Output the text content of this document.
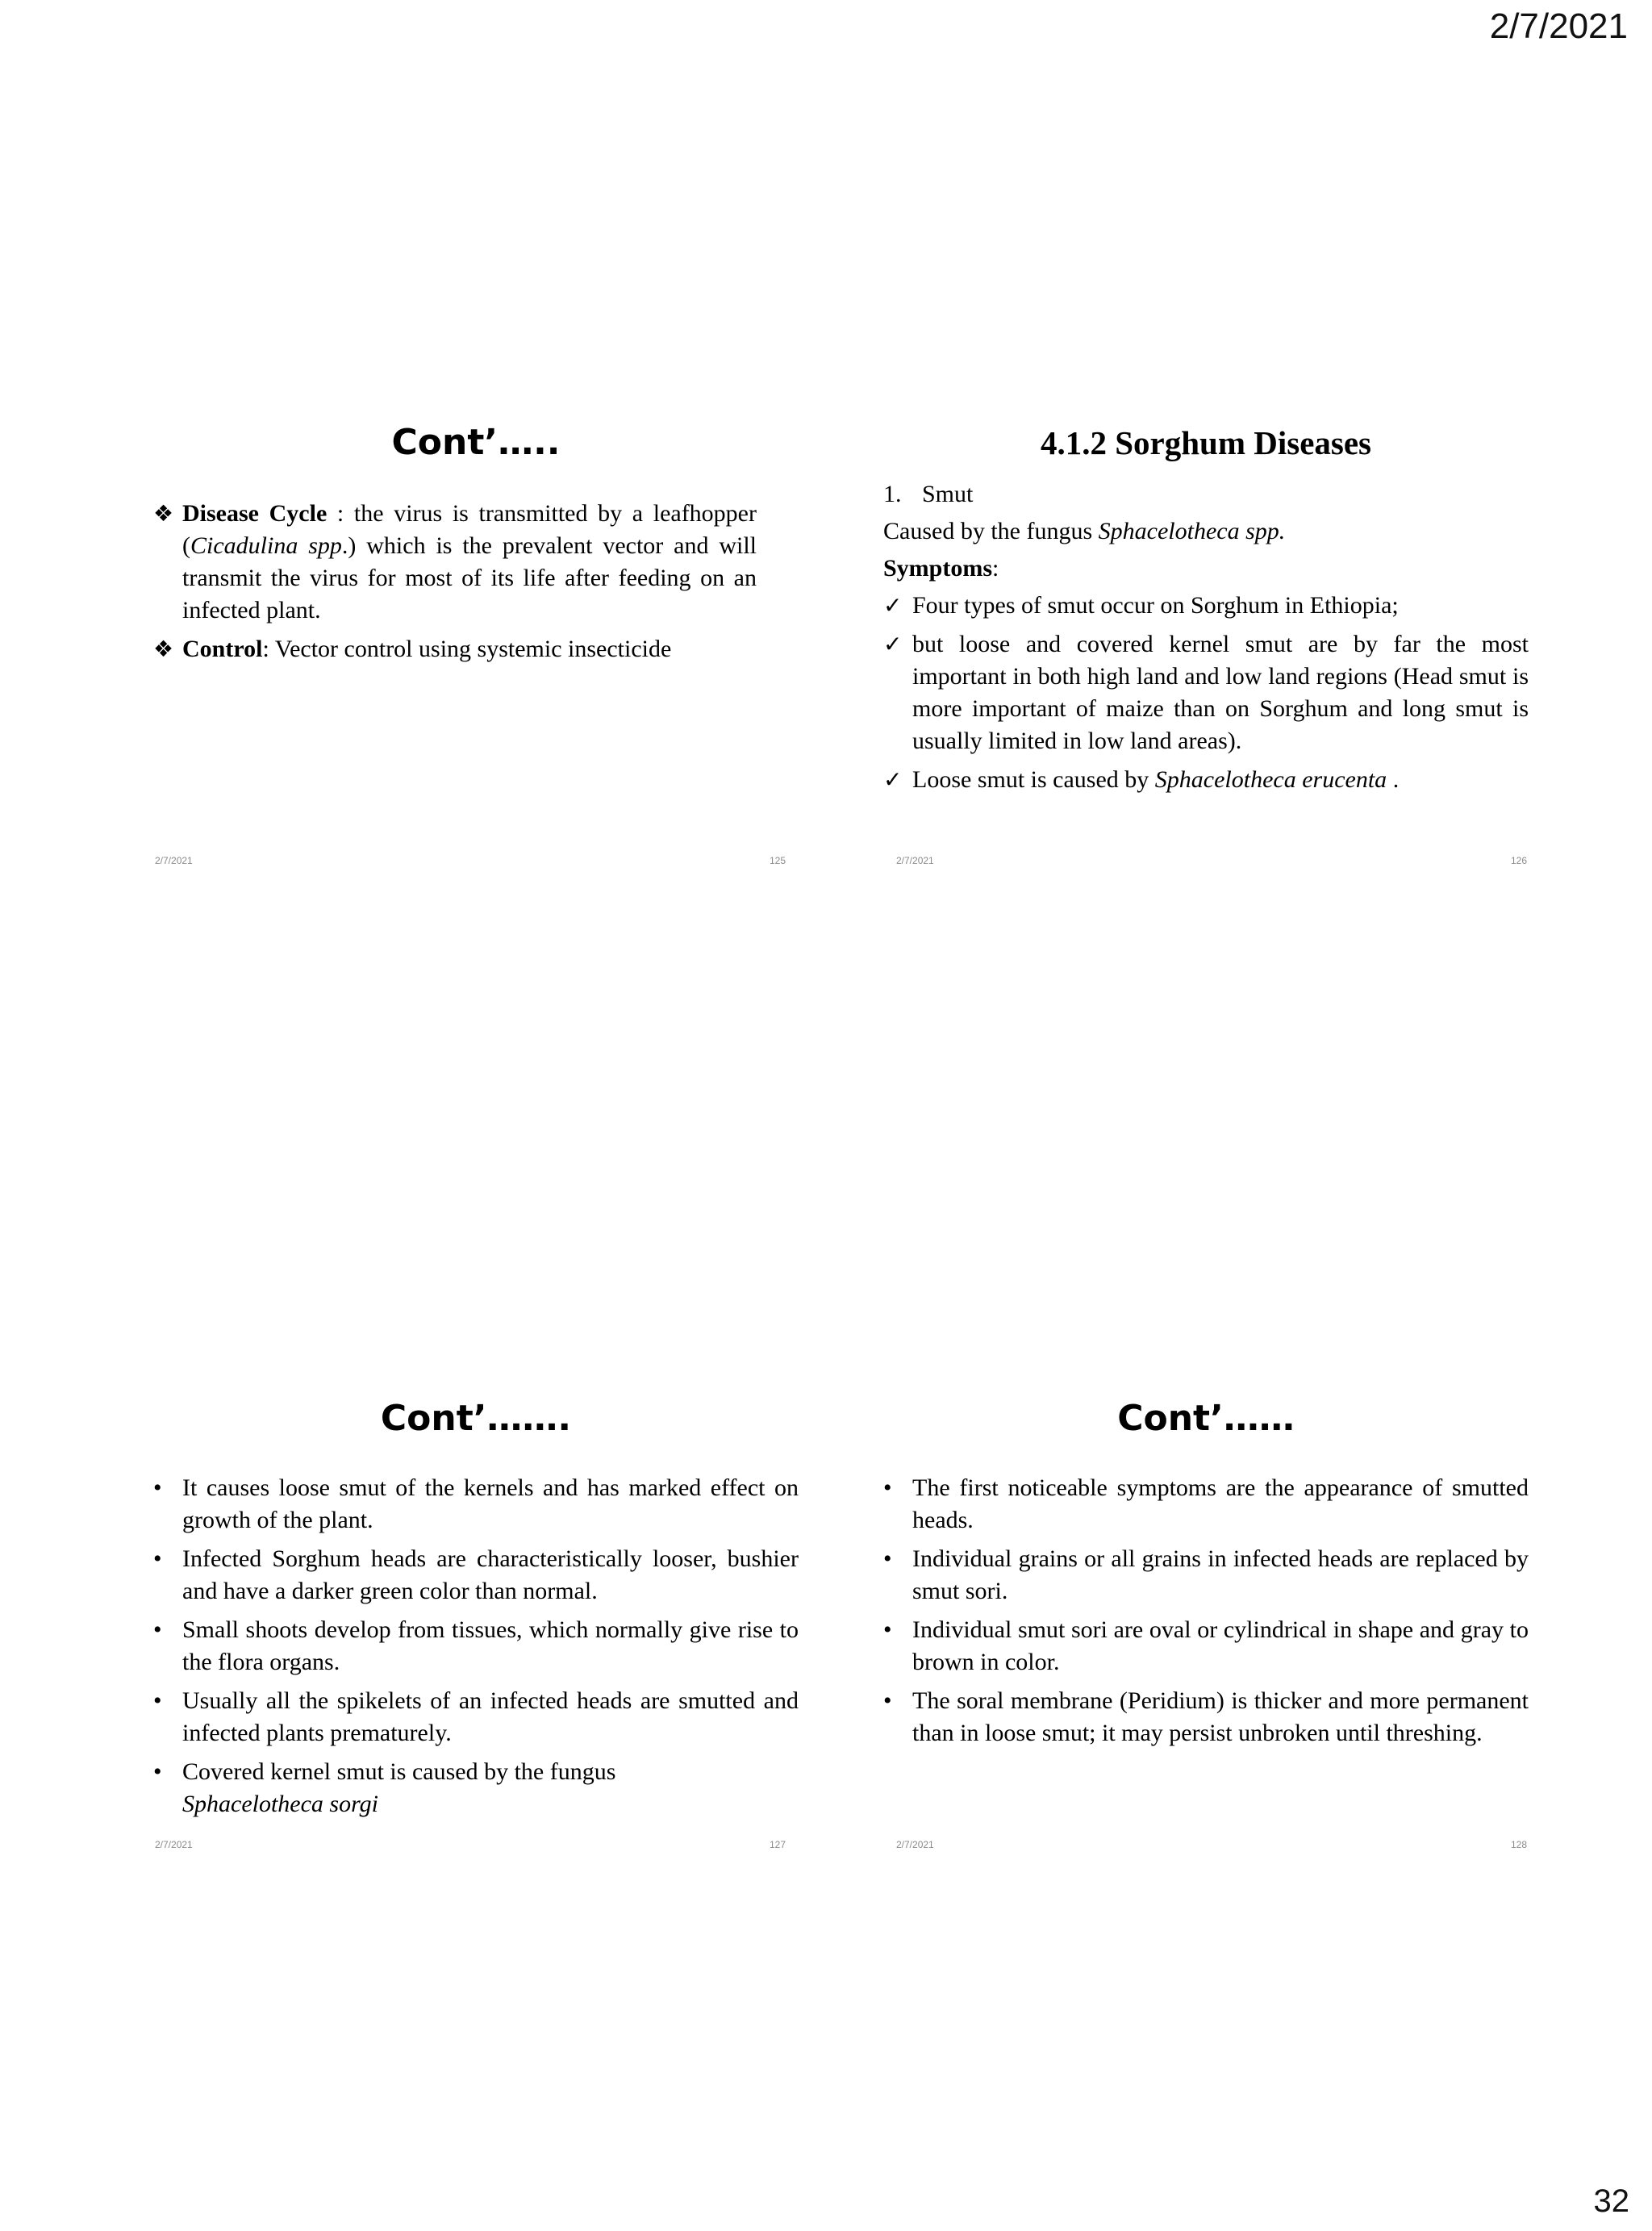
2/7/2021
Cont’…..
❖ Disease Cycle : the virus is transmitted by a leafhopper (Cicadulina spp.) which is the prevalent vector and will transmit the virus for most of its life after feeding on an infected plant.
❖ Control: Vector control using systemic insecticide
2/7/2021	125
4.1.2 Sorghum Diseases
1. Smut

Caused by the fungus Sphacelotheca spp.

Symptoms:

✓ Four types of smut occur on Sorghum in Ethiopia;
✓ but loose and covered kernel smut are by far the most important in both high land and low land regions (Head smut is more important of maize than on Sorghum and long smut is usually limited in low land areas).
✓ Loose smut is caused by Sphacelotheca erucenta .
2/7/2021	126
Cont’…….
• It causes loose smut of the kernels and has marked effect on growth of the plant.
• Infected Sorghum heads are characteristically looser, bushier and have a darker green color than normal.
• Small shoots develop from tissues, which normally give rise to the flora organs.
• Usually all the spikelets of an infected heads are smutted and infected plants prematurely.
• Covered kernel smut is caused by the fungus
Sphacelotheca sorgi
2/7/2021	127
Cont’……
• The first noticeable symptoms are the appearance of smutted heads.
• Individual grains or all grains in infected heads are replaced by smut sori.
• Individual smut sori are oval or cylindrical in shape and gray to brown in color.
• The soral membrane (Peridium) is thicker and more permanent than in loose smut; it may persist unbroken until threshing.
2/7/2021	128
32
